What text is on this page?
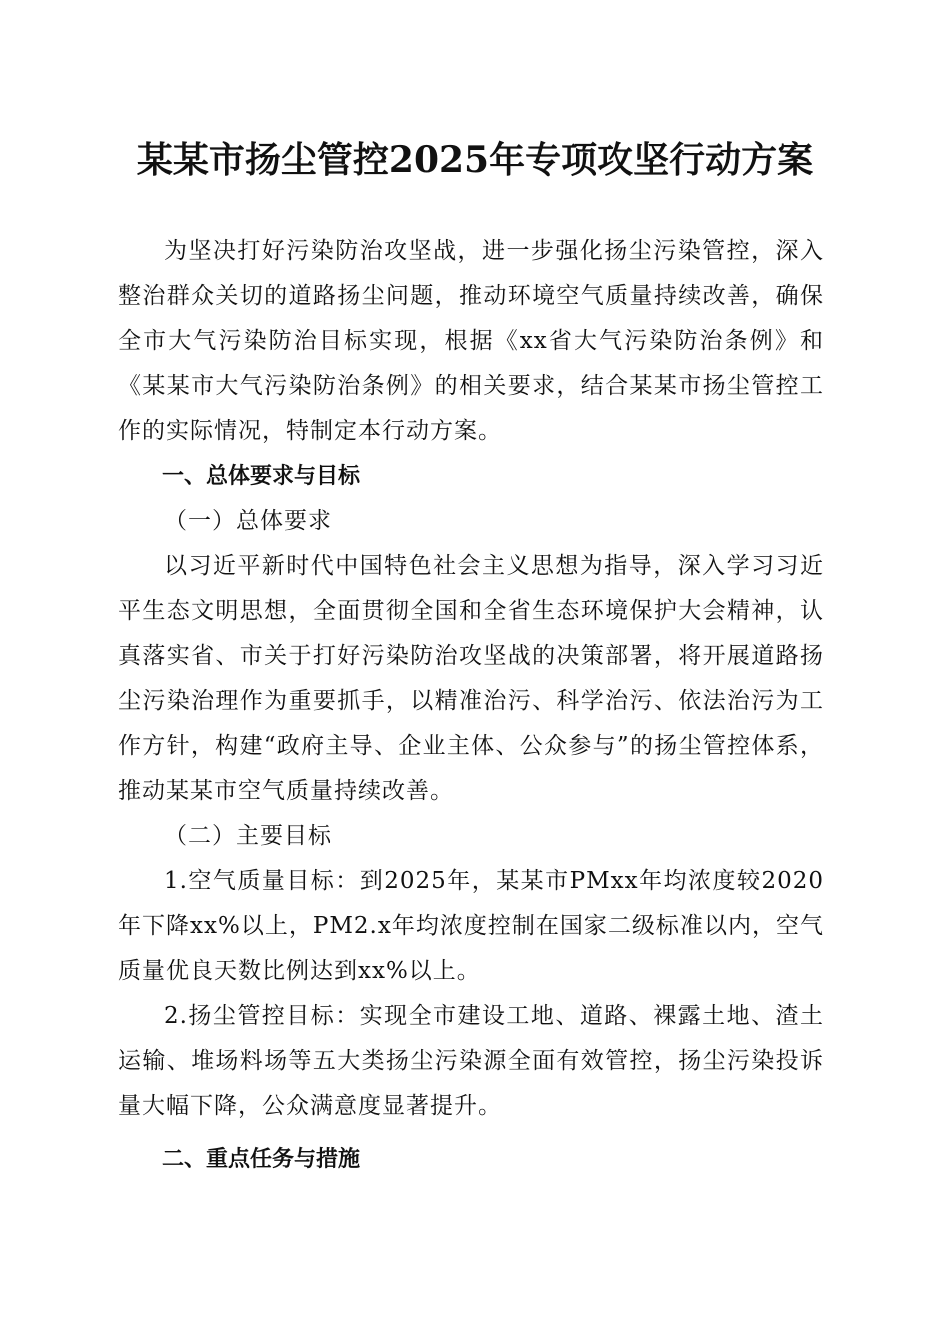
某某市扬尘管控2025年专项攻坚行动方案

为坚决打好污染防治攻坚战，进一步强化扬尘污染管控，深入整治群众关切的道路扬尘问题，推动环境空气质量持续改善，确保全市大气污染防治目标实现，根据《xx省大气污染防治条例》和《某某市大气污染防治条例》的相关要求，结合某某市扬尘管控工作的实际情况，特制定本行动方案。

一、总体要求与目标

（一）总体要求

以习近平新时代中国特色社会主义思想为指导，深入学习习近平生态文明思想，全面贯彻全国和全省生态环境保护大会精神，认真落实省、市关于打好污染防治攻坚战的决策部署，将开展道路扬尘污染治理作为重要抓手，以精准治污、科学治污、依法治污为工作方针，构建“政府主导、企业主体、公众参与”的扬尘管控体系，推动某某市空气质量持续改善。

（二）主要目标

1.空气质量目标：到2025年，某某市PMxx年均浓度较2020年下降xx%以上，PM2.x年均浓度控制在国家二级标准以内，空气质量优良天数比例达到xx%以上。

2.扬尘管控目标：实现全市建设工地、道路、裸露土地、渣土运输、堆场料场等五大类扬尘污染源全面有效管控，扬尘污染投诉量大幅下降，公众满意度显著提升。

二、重点任务与措施
